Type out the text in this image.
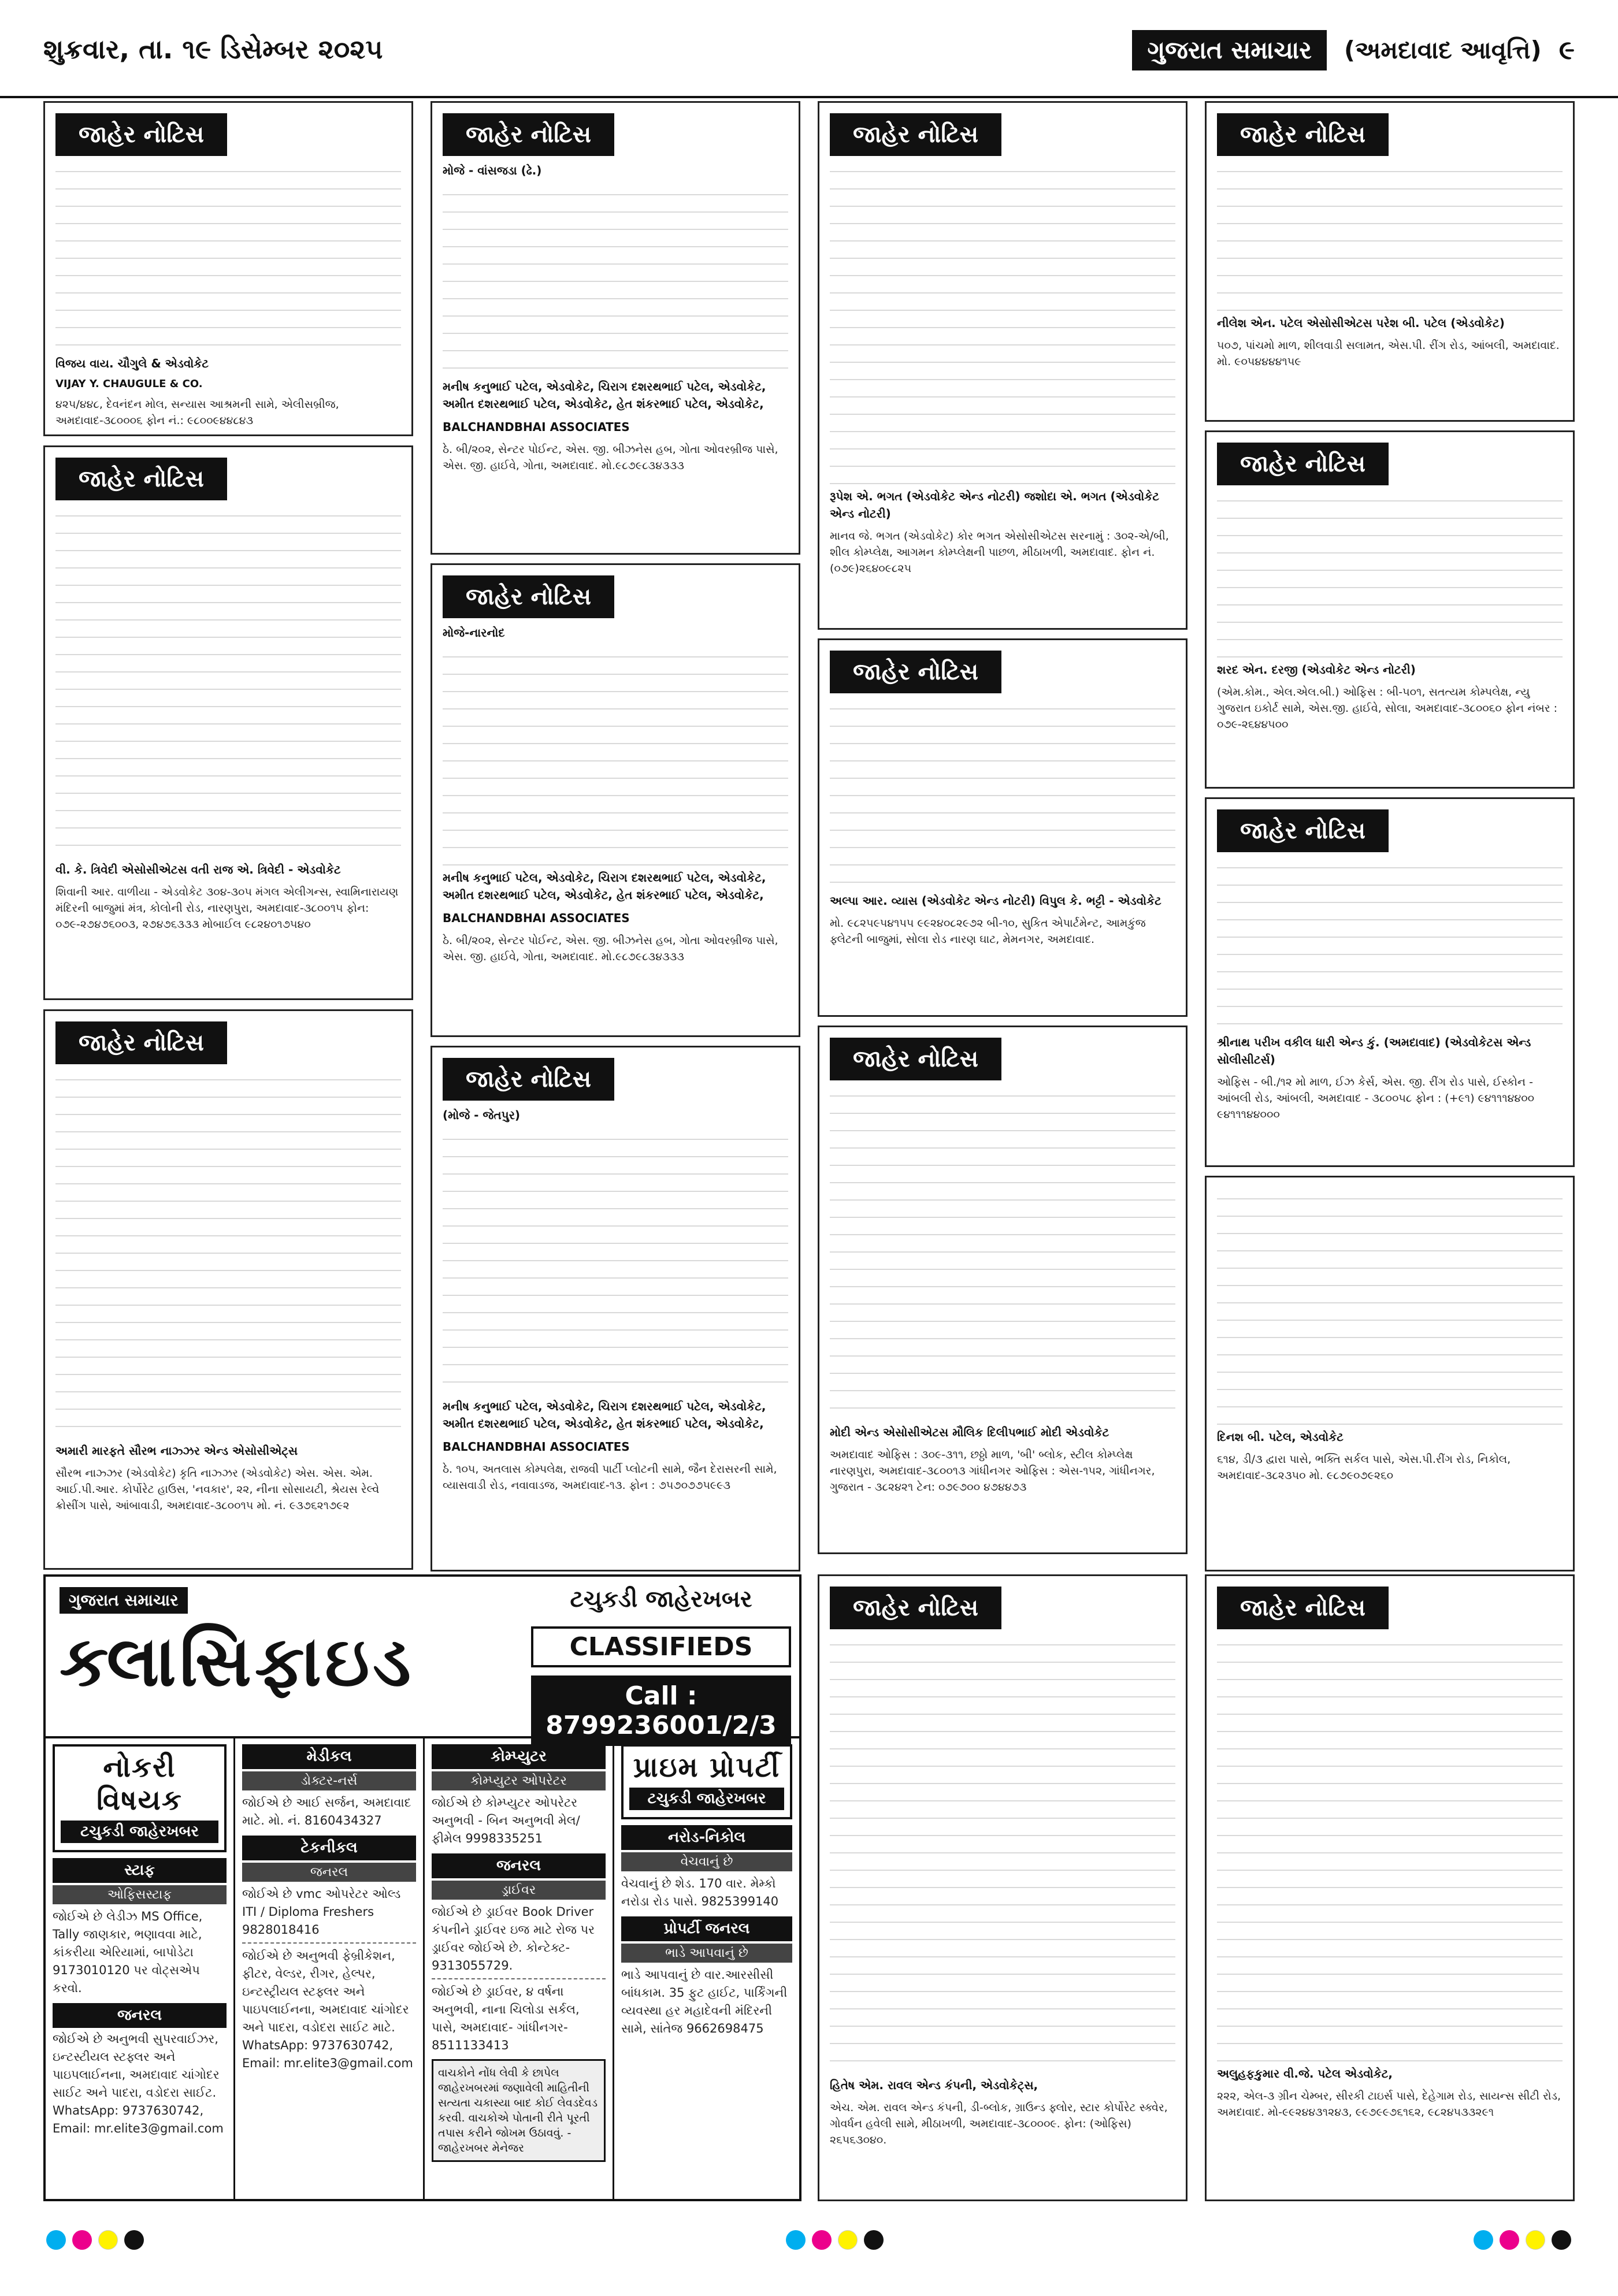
શુક્રવાર, તા. ૧૯ ડિસેમ્બર ૨૦૨૫	ગુજરાત સમાચાર	(અમદાવાદ આવૃત્તિ) ૯
જાહેર નોટિસ
વિજય વાય. ચૌગુલે & એડવોકેટ
VIJAY Y. CHAUGULE & CO.
૪૨૫/૪૪૮, દેવનંદન મોલ, સન્યાસ આશ્રમની સામે, એલીસબ્રીજ, અમદાવાદ-૩૮૦૦૦૬ ફોન નં.: ૯૮૦૦૯૪૪૮૪૩
જાહેર નોટિસ
વી. કે. ત્રિવેદી એસોસીએટસ વતી રાજ એ. ત્રિવેદી - એડવોકેટ
શિવાની આર. વાળીયા - એડવોકેટ ૩૦૪-૩૦૫ મંગલ એલીગન્સ, સ્વામિનારાયણ મંદિરની બાજુમાં મંત્ર, કોલોની રોડ, નારણપુરા, અમદાવાદ-૩૮૦૦૧૫ ફોન: ૦૭૯-૨૭૪૭૬૦૦૩, ૨૭૪૭૬૩૩૩ મોબાઈલ ૯૮૨૪૦૧૭૫૪૦
જાહેર નોટિસ
અમારી મારફતે સૌરભ નાઝ્ઝર એન્ડ એસોસીએટ્સ
સૌરભ નાઝ્ઝર (એડવોકેટ) કૃતિ નાઝ્ઝર (એડવોકેટ) એસ. એસ. એમ. આઈ.પી.આર. કોર્પોરેટ હાઉસ, 'નવકાર', ૨૨, નીના સોસાયટી, શ્રેયસ રેલ્વે ક્રોસીંગ પાસે, આંબાવાડી, અમદાવાદ-૩૮૦૦૧૫ મો. નં. ૯૩૭૬૨૧૭૯૨
જાહેર નોટિસ
મોજે - વાંસજડા (ઢે.)
મનીષ કનુભાઈ પટેલ, એડવોકેટ, ચિરાગ દશરથભાઈ પટેલ, એડવોકેટ, અમીત દશરથભાઈ પટેલ, એડવોકેટ, હેત શંકરભાઈ પટેલ, એડવોકેટ,
BALCHANDBHAI ASSOCIATES
ઠે. બી/૨૦૨, સેન્ટર પોઈન્ટ, એસ. જી. બીઝનેસ હબ, ગોતા ઓવરબ્રીજ પાસે, એસ. જી. હાઈવે, ગોતા, અમદાવાદ. મો.૯૮૭૯૮૩૪૩૩૩
જાહેર નોટિસ
મોજે-નારનોદ
મનીષ કનુભાઈ પટેલ, એડવોકેટ, ચિરાગ દશરથભાઈ પટેલ, એડવોકેટ, અમીત દશરથભાઈ પટેલ, એડવોકેટ, હેત શંકરભાઈ પટેલ, એડવોકેટ,
BALCHANDBHAI ASSOCIATES
ઠે. બી/૨૦૨, સેન્ટર પોઈન્ટ, એસ. જી. બીઝનેસ હબ, ગોતા ઓવરબ્રીજ પાસે, એસ. જી. હાઈવે, ગોતા, અમદાવાદ. મો.૯૮૭૯૮૩૪૩૩૩
જાહેર નોટિસ
(મોજે - જેતપુર)
મનીષ કનુભાઈ પટેલ, એડવોકેટ, ચિરાગ દશરથભાઈ પટેલ, એડવોકેટ, અમીત દશરથભાઈ પટેલ, એડવોકેટ, હેત શંકરભાઈ પટેલ, એડવોકેટ,
BALCHANDBHAI ASSOCIATES
ઠે. ૧૦૫, અતલાસ કોમ્પલેક્ષ, રાજવી પાર્ટી પ્લોટની સામે, જૈન દેરાસરની સામે, વ્યાસવાડી રોડ, નવાવાડજ, અમદાવાદ-૧૩. ફોન : ૭૫૭૦૭૭૫૯૯૩
જાહેર નોટિસ
રૂપેશ એ. ભગત (એડવોકેટ એન્ડ નોટરી) જશોદા એ. ભગત (એડવોકેટ એન્ડ નોટરી)
માનવ જે. ભગત (એડવોકેટ) કોર ભગત એસોસીએટસ સરનામું : ૩૦૨-એ/બી, શીલ કોમ્પ્લેક્ષ, આગમન કોમ્પ્લેક્ષની પાછળ, મીઠાખળી, અમદાવાદ. ફોન નં. (૦૭૯)૨૬૪૦૯૮૨૫
જાહેર નોટિસ
અલ્પા આર. વ્યાસ (એડવોકેટ એન્ડ નોટરી) વિપુલ કે. ભટ્ટી - એડવોકેટ
મો. ૯૮૨૫૯૫૪૧૫૫ ૯૯૨૪૦૮૨૯૭૨ બી-૧૦, સુકિત એપાર્ટમેન્ટ, આમકુંજ ફ્લેટની બાજુમાં, સોલા રોડ નારણ ઘાટ, મેમનગર, અમદાવાદ.
જાહેર નોટિસ
મોદી એન્ડ એસોસીએટસ મૌલિક દિલીપભાઈ મોદી એડવોકેટ
અમદાવાદ ઓફિસ : ૩૦૯-૩૧૧, છઠ્ઠો માળ, 'બી' બ્લોક, સ્ટીલ કોમ્પ્લેક્ષ નારણપુરા, અમદાવાદ-૩૮૦૦૧૩ ગાંધીનગર ઓફિસ : એસ-૧૫૨, ગાંધીનગર, ગુજરાત - ૩૮૨૪૨૧ ટેન: ૦૭૯૭૦૦ ૪૭૪૪૭૩
જાહેર નોટિસ
નીલેશ એન. પટેલ એસોસીએટસ પરેશ બી. પટેલ (એડવોકેટ)
૫૦૭, પાંચમો માળ, શીલવાડી સલામત, એસ.પી. રીંગ રોડ, આંબલી, અમદાવાદ. મો. ૯૦૫૪૪૪૪૧૫૯
જાહેર નોટિસ
શરદ એન. દરજી (એડવોકેટ એન્ડ નોટરી)
(એમ.કોમ., એલ.એલ.બી.) ઓફિસ : બી-૫૦૧, સતત્યમ કોમ્પલેક્ષ, ન્યુ ગુજરાત ઇકોર્ટ સામે, એસ.જી. હાઈવે, સોલા, અમદાવાદ-૩૮૦૦૬૦ ફોન નંબર : ૦૭૯-૨૬૪૪૫૦૦
જાહેર નોટિસ
શ્રીનાથ પરીખ વકીલ ધારી એન્ડ કું. (અમદાવાદ) (એડવોકેટસ એન્ડ સોલીસીટર્સ)
ઓફિસ - બી./૧૨ મો માળ, ઈઝ કેર્સ, એસ. જી. રીંગ રોડ પાસે, ઈસ્કોન - આંબલી રોડ, આંબલી, અમદાવાદ - ૩૮૦૦૫૮ ફોન : (+૯૧) ૯૪૧૧૧૪૪૦૦ ૯૪૧૧૧૪૪૦૦૦
દિનશ બી. પટેલ, એડવોકેટ
૬૧૪, ડી/૩ દ્વારા પાસે, ભક્તિ સર્કલ પાસે, એસ.પી.રીંગ રોડ, નિકોલ, અમદાવાદ-૩૮૨૩૫૦ મો. ૯૮૭૯૦૭૯૨૬૦
જાહેર નોટિસ
હિતેષ એમ. રાવલ એન્ડ કંપની, એડવોકેટ્સ,
એચ. એમ. રાવલ એન્ડ કંપની, ડી-બ્લોક, ગ્રાઉન્ડ ફ્લોર, સ્ટાર કોર્પોરેટ સ્ક્વેર, ગોવર્ધન હવેલી સામે, મીઠાખળી, અમદાવાદ-૩૮૦૦૦૯. ફોન: (ઓફિસ) ૨૬૫૬૩૦૪૦.
જાહેર નોટિસ
અલુહફકુમાર વી.જે. પટેલ એડવોકેટ,
૨૨૨, એલ-૩ ગ્રીન ચેમ્બર, સીરકી ટાઇર્સ પાસે, દેહેગામ રોડ, સાયન્સ સીટી રોડ, અમદાવાદ. મો-૯૯૨૪૪૩૧૨૪૩, ૯૯૭૯૯૭૬૧૬૨, ૯૮૨૪૫૩૩૨૯૧
ગુજરાત સમાચાર
ક્લાસિફાઇડ
ટચુકડી જાહેરખબર
CLASSIFIEDS
Call : 8799236001/2/3
નોકરી વિષયક
ટચુકડી જાહેરખબર
સ્ટાફ
ઓફિસસ્ટાફ
જોઈએ છે લેડીઝ MS Office, Tally જાણકાર, ભણાવવા માટે, કાંકરીયા એરિયામાં, બાપોડેટા 9173010120 પર વોટ્સએપ કરવો.
જનરલ
જોઈએ છે અનુભવી સુપરવાઈઝર, ઇન્ટસ્ટીયલ સ્ટફ્લર અને પાઇપલાઈનના, અમદાવાદ ચાંગોદર સાઈટ અને પાદરા, વડોદરા સાઈટ. WhatsApp: 9737630742, Email: mr.elite3@gmail.com
મેડીકલ
ડોક્ટર-નર્સ
જોઈએ છે આઈ સર્જન, અમદાવાદ માટે. મો. નં. 8160434327
ટેકનીકલ
જનરલ
જોઈએ છે vmc ઓપરેટર ઓલ્ડ ITI / Diploma Freshers 9828018416
જોઈએ છે અનુભવી ફેબ્રીકેશન, ફીટર, વેલ્ડર, રીગર, હેલ્પર, ઇન્ટસ્ટ્રીયલ સ્ટફ્લર અને પાઇપલાઈનના, અમદાવાદ ચાંગોદર અને પાદરા, વડોદરા સાઈટ માટે. WhatsApp: 9737630742, Email: mr.elite3@gmail.com
કોમ્પ્યુટર
કોમ્પ્યુટર ઓપરેટર
જોઈએ છે કોમ્પ્યુટર ઓપરેટર અનુભવી - બિન અનુભવી મેલ/ફીમેલ 9998335251
જનરલ
ડ્રાઈવર
જોઈએ છે ડ્રાઈવર Book Driver કંપનીને ડ્રાઈવર ઇજ માટે રોજ પર ડ્રાઈવર જોઈએ છે. કોન્ટેક્ટ- 9313055729.
જોઈએ છે ડ્રાઈવર, ૪ વર્ષના અનુભવી, નાના ચિલોડા સર્કલ, પાસે, અમદાવાદ- ગાંધીનગર- 8511133413
વાચકોને નોંધ લેવી કે છાપેલ જાહેરખબરમાં જણાવેલી માહિતીની સત્યતા ચકાસ્યા બાદ કોઈ લેવડદેવડ કરવી. વાચકોએ પોતાની રીતે પૂરતી તપાસ કરીને જોખમ ઉઠાવવું. - જાહેરખબર મેનેજર
પ્રાઇમ પ્રોપર્ટી
ટચુકડી જાહેરખબર
નરોડ-નિકોલ
વેચવાનું છે
વેચવાનું છે શેડ. 170 વાર. મેમ્કો નરોડા રોડ પાસે. 9825399140
પ્રોપર્ટી જનરલ
ભાડે આપવાનું છે
ભાડે આપવાનું છે વાર.આરસીસી બાંધકામ. 35 ફુટ હાઈટ, પાર્કિંગની વ્યવસ્થા હર મહાદેવની મંદિરની સામે, સાંતેજ 9662698475
